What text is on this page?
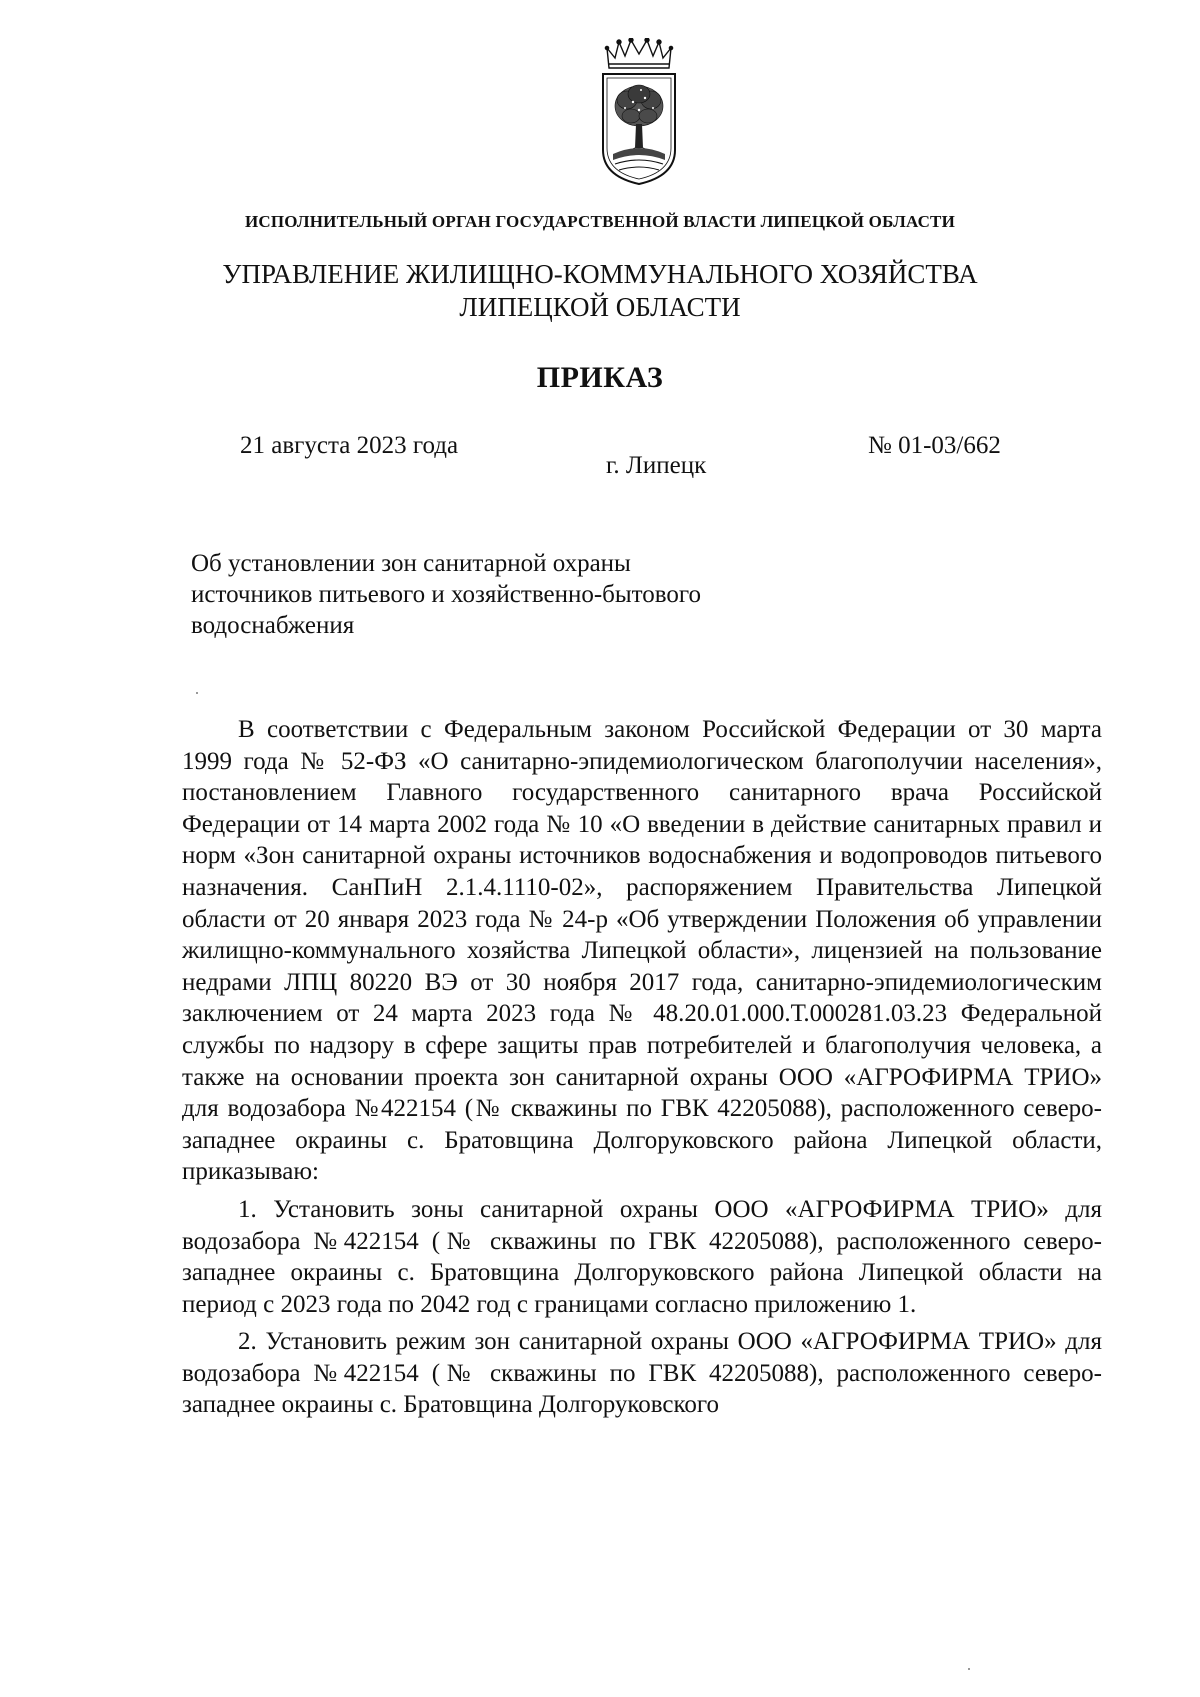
ИСПОЛНИТЕЛЬНЫЙ ОРГАН ГОСУДАРСТВЕННОЙ ВЛАСТИ ЛИПЕЦКОЙ ОБЛАСТИ
УПРАВЛЕНИЕ ЖИЛИЩНО-КОММУНАЛЬНОГО ХОЗЯЙСТВА
ЛИПЕЦКОЙ ОБЛАСТИ
ПРИКАЗ
21 августа 2023 года
г. Липецк
№ 01-03/662
Об установлении зон санитарной охраны
источников питьевого и хозяйственно-бытового
водоснабжения

В соответствии с Федеральным законом Российской Федерации от 30 марта 1999 года № 52-ФЗ «О санитарно-эпидемиологическом благополучии населения», постановлением Главного государственного санитарного врача Российской Федерации от 14 марта 2002 года № 10 «О введении в действие санитарных правил и норм «Зон санитарной охраны источников водоснабжения и водопроводов питьевого назначения. СанПиН 2.1.4.1110-02», распоряжением Правительства Липецкой области от 20 января 2023 года № 24-р «Об утверждении Положения об управлении жилищно-коммунального хозяйства Липецкой области», лицензией на пользование недрами ЛПЦ 80220 ВЭ от 30 ноября 2017 года, санитарно-эпидемиологическим заключением от 24 марта 2023 года № 48.20.01.000.Т.000281.03.23 Федеральной службы по надзору в сфере защиты прав потребителей и благополучия человека, а также на основании проекта зон санитарной охраны ООО «АГРОФИРМА ТРИО» для водозабора №422154 (№ скважины по ГВК 42205088), расположенного северо-западнее окраины с. Братовщина Долгоруковского района Липецкой области, приказываю:

1. Установить зоны санитарной охраны ООО «АГРОФИРМА ТРИО» для водозабора №422154 (№ скважины по ГВК 42205088), расположенного северо-западнее окраины с. Братовщина Долгоруковского района Липецкой области на период с 2023 года по 2042 год с границами согласно приложению 1.

2. Установить режим зон санитарной охраны ООО «АГРОФИРМА ТРИО» для водозабора №422154 (№ скважины по ГВК 42205088), расположенного северо-западнее окраины с. Братовщина Долгоруковского
